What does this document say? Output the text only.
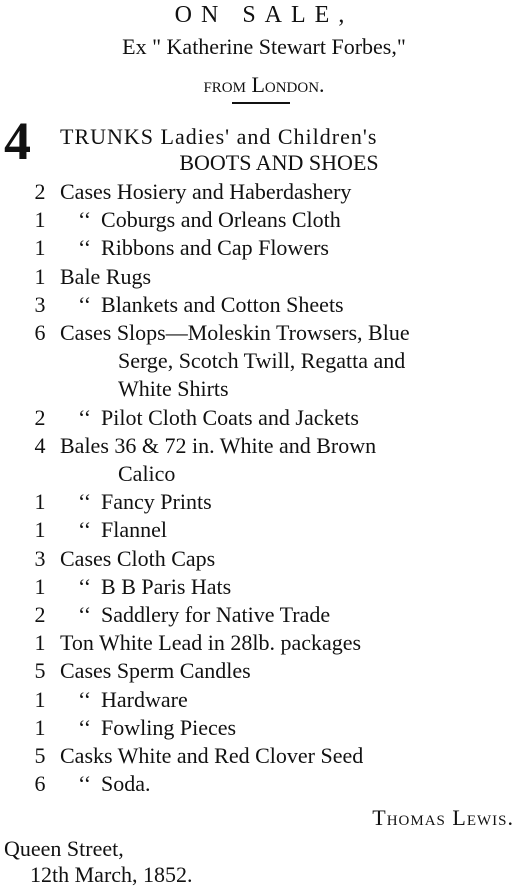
ON SALE,
Ex " Katherine Stewart Forbes,"
from London.
4 TRUNKS Ladies' and Children's
BOOTS AND SHOES
2 Cases Hosiery and Haberdashery
1 ‘‘ Coburgs and Orleans Cloth
1 ‘‘ Ribbons and Cap Flowers
1 Bale Rugs
3 ‘‘ Blankets and Cotton Sheets
6 Cases Slops—Moleskin Trowsers, Blue
Serge, Scotch Twill, Regatta and
White Shirts
2 ‘‘ Pilot Cloth Coats and Jackets
4 Bales 36 & 72 in. White and Brown
Calico
1 ‘‘ Fancy Prints
1 ‘‘ Flannel
3 Cases Cloth Caps
1 ‘‘ B B Paris Hats
2 ‘‘ Saddlery for Native Trade
1 Ton White Lead in 28lb. packages
5 Cases Sperm Candles
1 ‘‘ Hardware
1 ‘‘ Fowling Pieces
5 Casks White and Red Clover Seed
6 ‘‘ Soda.
Thomas Lewis.
Queen Street,
12th March, 1852.
